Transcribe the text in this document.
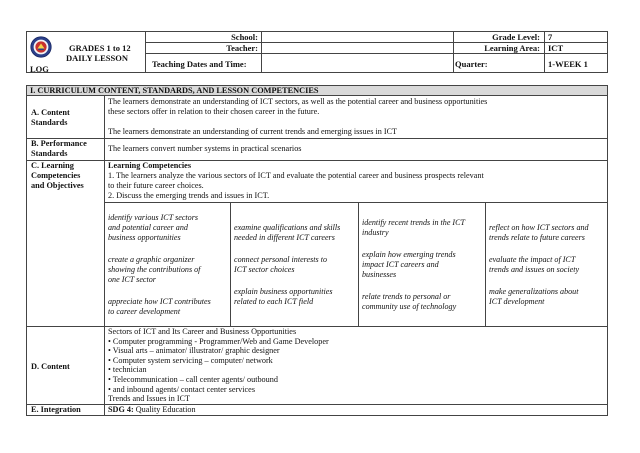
GRADES 1 to 12
DAILY LESSON
LOG
School:
Teacher:
Teaching Dates and Time:
Grade Level: 7
Learning Area: ICT
Quarter:	1-WEEK 1
I. CURRICULUM CONTENT, STANDARDS, AND LESSON COMPETENCIES
A. Content
Standards
The learners demonstrate an understanding of ICT sectors, as well as the potential career and business opportunities
these sectors offer in relation to their chosen career in the future.
The learners demonstrate an understanding of current trends and emerging issues in ICT
B. Performance
Standards
The learners convert number systems in practical scenarios
C. Learning
Competencies
and Objectives
Learning Competencies
1. The learners analyze the various sectors of ICT and evaluate the potential career and business prospects relevant
to their future career choices.
2. Discuss the emerging trends and issues in ICT.
identify various ICT sectors
and potential career and
business opportunities
create a graphic organizer
showing the contributions of
one ICT sector
appreciate how ICT contributes
to career development
examine qualifications and skills
needed in different ICT careers
connect personal interests to
ICT sector choices
explain business opportunities
related to each ICT field
identify recent trends in the ICT
industry
explain how emerging trends
impact ICT careers and
businesses
relate trends to personal or
community use of technology
reflect on how ICT sectors and
trends relate to future careers
evaluate the impact of ICT
trends and issues on society
make generalizations about
ICT development
D. Content
Sectors of ICT and Its Career and Business Opportunities
• Computer programming - Programmer/Web and Game Developer
• Visual arts – animator/ illustrator/ graphic designer
• Computer system servicing – computer/ network
• technician
• Telecommunication – call center agents/ outbound
• and inbound agents/ contact center services
Trends and Issues in ICT
E. Integration	SDG 4: Quality Education
